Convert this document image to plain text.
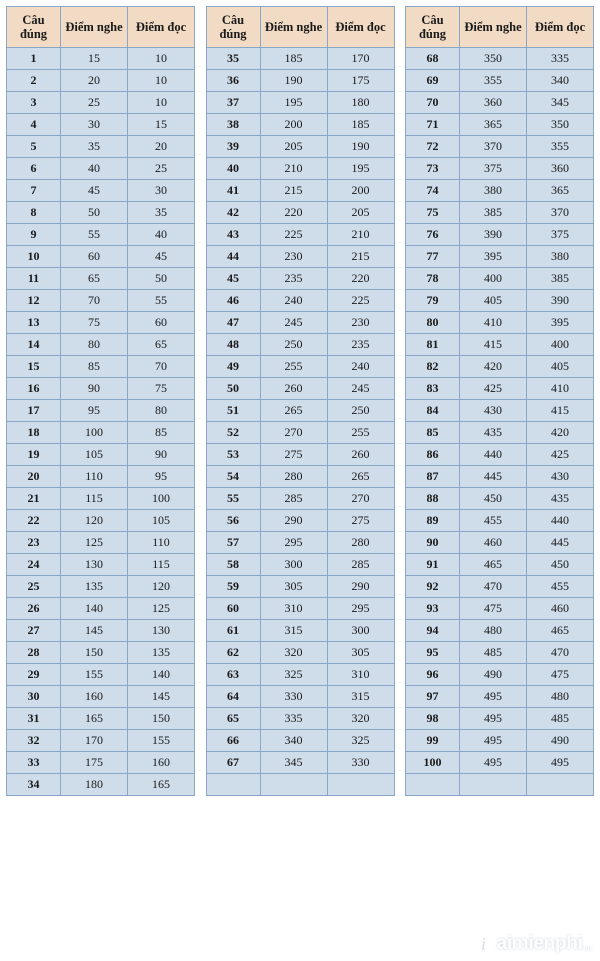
Câu đúng	Điểm nghe	Điểm đọc
1	15	10
2	20	10
3	25	10
4	30	15
5	35	20
6	40	25
7	45	30
8	50	35
9	55	40
10	60	45
11	65	50
12	70	55
13	75	60
14	80	65
15	85	70
16	90	75
17	95	80
18	100	85
19	105	90
20	110	95
21	115	100
22	120	105
23	125	110
24	130	115
25	135	120
26	140	125
27	145	130
28	150	135
29	155	140
30	160	145
31	165	150
32	170	155
33	175	160
34	180	165
Câu đúng	Điểm nghe	Điểm đọc
35	185	170
36	190	175
37	195	180
38	200	185
39	205	190
40	210	195
41	215	200
42	220	205
43	225	210
44	230	215
45	235	220
46	240	225
47	245	230
48	250	235
49	255	240
50	260	245
51	265	250
52	270	255
53	275	260
54	280	265
55	285	270
56	290	275
57	295	280
58	300	285
59	305	290
60	310	295
61	315	300
62	320	305
63	325	310
64	330	315
65	335	320
66	340	325
67	345	330

Câu đúng	Điểm nghe	Điểm đọc
68	350	335
69	355	340
70	360	345
71	365	350
72	370	355
73	375	360
74	380	365
75	385	370
76	390	375
77	395	380
78	400	385
79	405	390
80	410	395
81	415	400
82	420	405
83	425	410
84	430	415
85	435	420
86	440	425
87	445	430
88	450	435
89	455	440
90	460	445
91	465	450
92	470	455
93	475	460
94	480	465
95	485	470
96	490	475
97	495	480
98	495	485
99	495	490
100	495	495

i aimienphi vn
